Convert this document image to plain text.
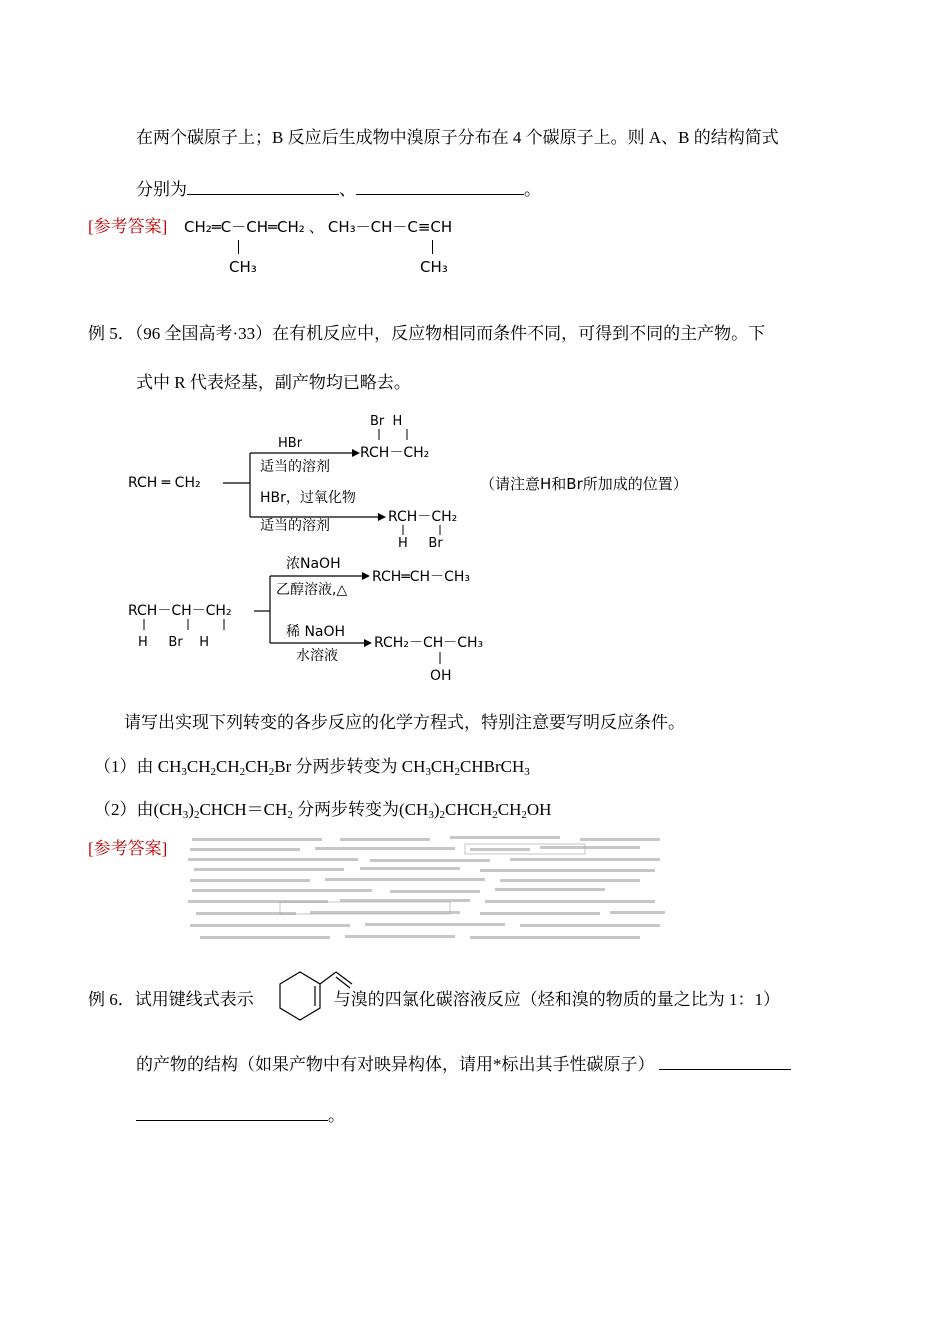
在两个碳原子上；B 反应后生成物中溴原子分布在 4 个碳原子上。则 A、B 的结构简式
分别为	、	。
[参考答案] CH₂═C－CH═CH₂ 、 CH₃－CH－C≡CH
CH₃	CH₃
例 5．（96 全国高考·33）在有机反应中，反应物相同而条件不同，可得到不同的主产物。下
式中 R 代表烃基，副产物均已略去。
RCH ═ CH₂
HBr
适当的溶剂
HBr，过氧化物
适当的溶剂
Br  H
RCH－CH₂
RCH－CH₂
H     Br
（请注意H和Br所加成的位置）
RCH－CH－CH₂
H     Br    H
浓NaOH
乙醇溶液,△
稀 NaOH
水溶液
RCH═CH－CH₃
RCH₂－CH－CH₃
OH
请写出实现下列转变的各步反应的化学方程式，特别注意要写明反应条件。
（1）由 $CH_3CH_2CH_2CH_2Br$ 分两步转变为 $CH_3CH_2CHBrCH_3$
（2）由$(CH_3)_2CHCH=CH_2$ 分两步转变为$(CH_3)_2CHCH_2CH_2OH$
[参考答案]
例 6．试用键线式表示	与溴的四氯化碳溶液反应（烃和溴的物质的量之比为 1：1）
的产物的结构（如果产物中有对映异构体，请用*标出其手性碳原子）
。
